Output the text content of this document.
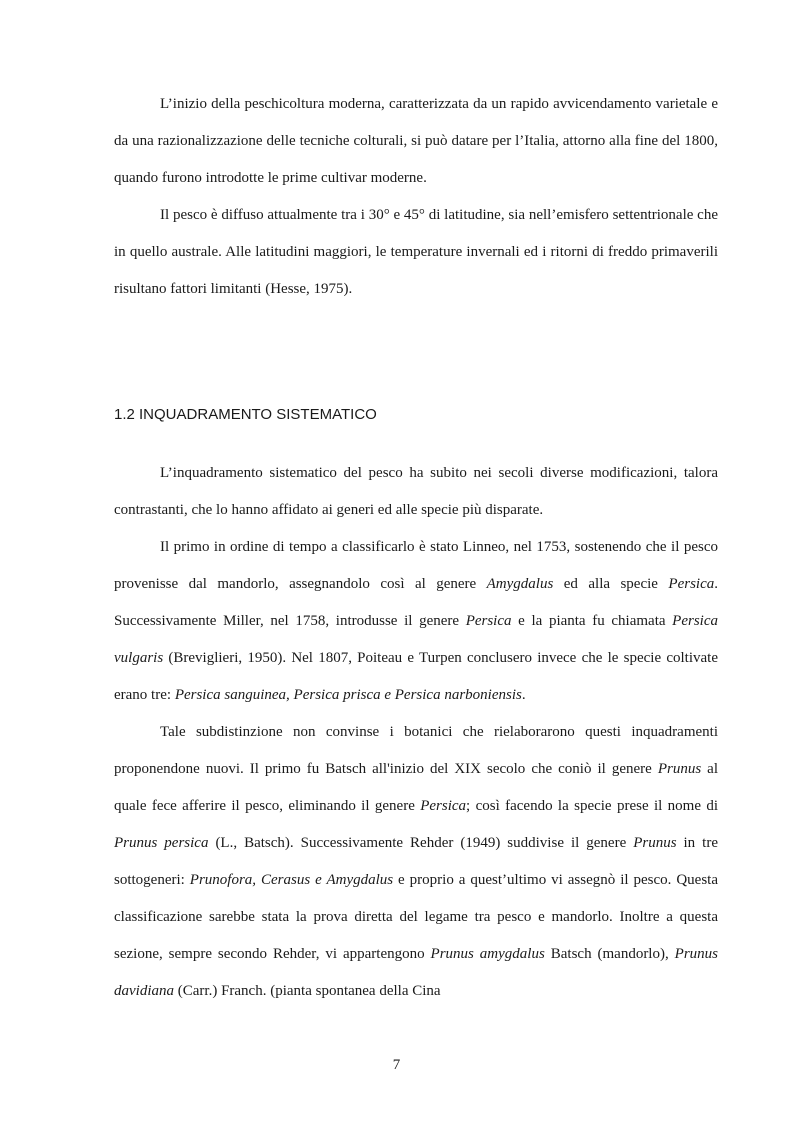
L’inizio della peschicoltura moderna, caratterizzata da un rapido avvicendamento varietale e da una razionalizzazione delle tecniche colturali, si può datare per l’Italia, attorno alla fine del 1800, quando furono introdotte le prime cultivar moderne.

Il pesco è diffuso attualmente tra i 30° e 45° di latitudine, sia nell’emisfero settentrionale che in quello australe. Alle latitudini maggiori, le temperature invernali ed i ritorni di freddo primaverili risultano fattori limitanti (Hesse, 1975).

1.2 INQUADRAMENTO SISTEMATICO

L’inquadramento sistematico del pesco ha subito nei secoli diverse modificazioni, talora contrastanti, che lo hanno affidato ai generi ed alle specie più disparate.

Il primo in ordine di tempo a classificarlo è stato Linneo, nel 1753, sostenendo che il pesco provenisse dal mandorlo, assegnandolo così al genere Amygdalus ed alla specie Persica. Successivamente Miller, nel 1758, introdusse il genere Persica e la pianta fu chiamata Persica vulgaris (Breviglieri, 1950). Nel 1807, Poiteau e Turpen conclusero invece che le specie coltivate erano tre: Persica sanguinea, Persica prisca e Persica narboniensis.

Tale subdistinzione non convinse i botanici che rielaborarono questi inquadramenti proponendone nuovi. Il primo fu Batsch all'inizio del XIX secolo che coniò il genere Prunus al quale fece afferire il pesco, eliminando il genere Persica; così facendo la specie prese il nome di Prunus persica (L., Batsch). Successivamente Rehder (1949) suddivise il genere Prunus in tre sottogeneri: Prunofora, Cerasus e Amygdalus e proprio a quest’ultimo vi assegnò il pesco. Questa classificazione sarebbe stata la prova diretta del legame tra pesco e mandorlo. Inoltre a questa sezione, sempre secondo Rehder, vi appartengono Prunus amygdalus Batsch (mandorlo), Prunus davidiana (Carr.) Franch. (pianta spontanea della Cina

7
